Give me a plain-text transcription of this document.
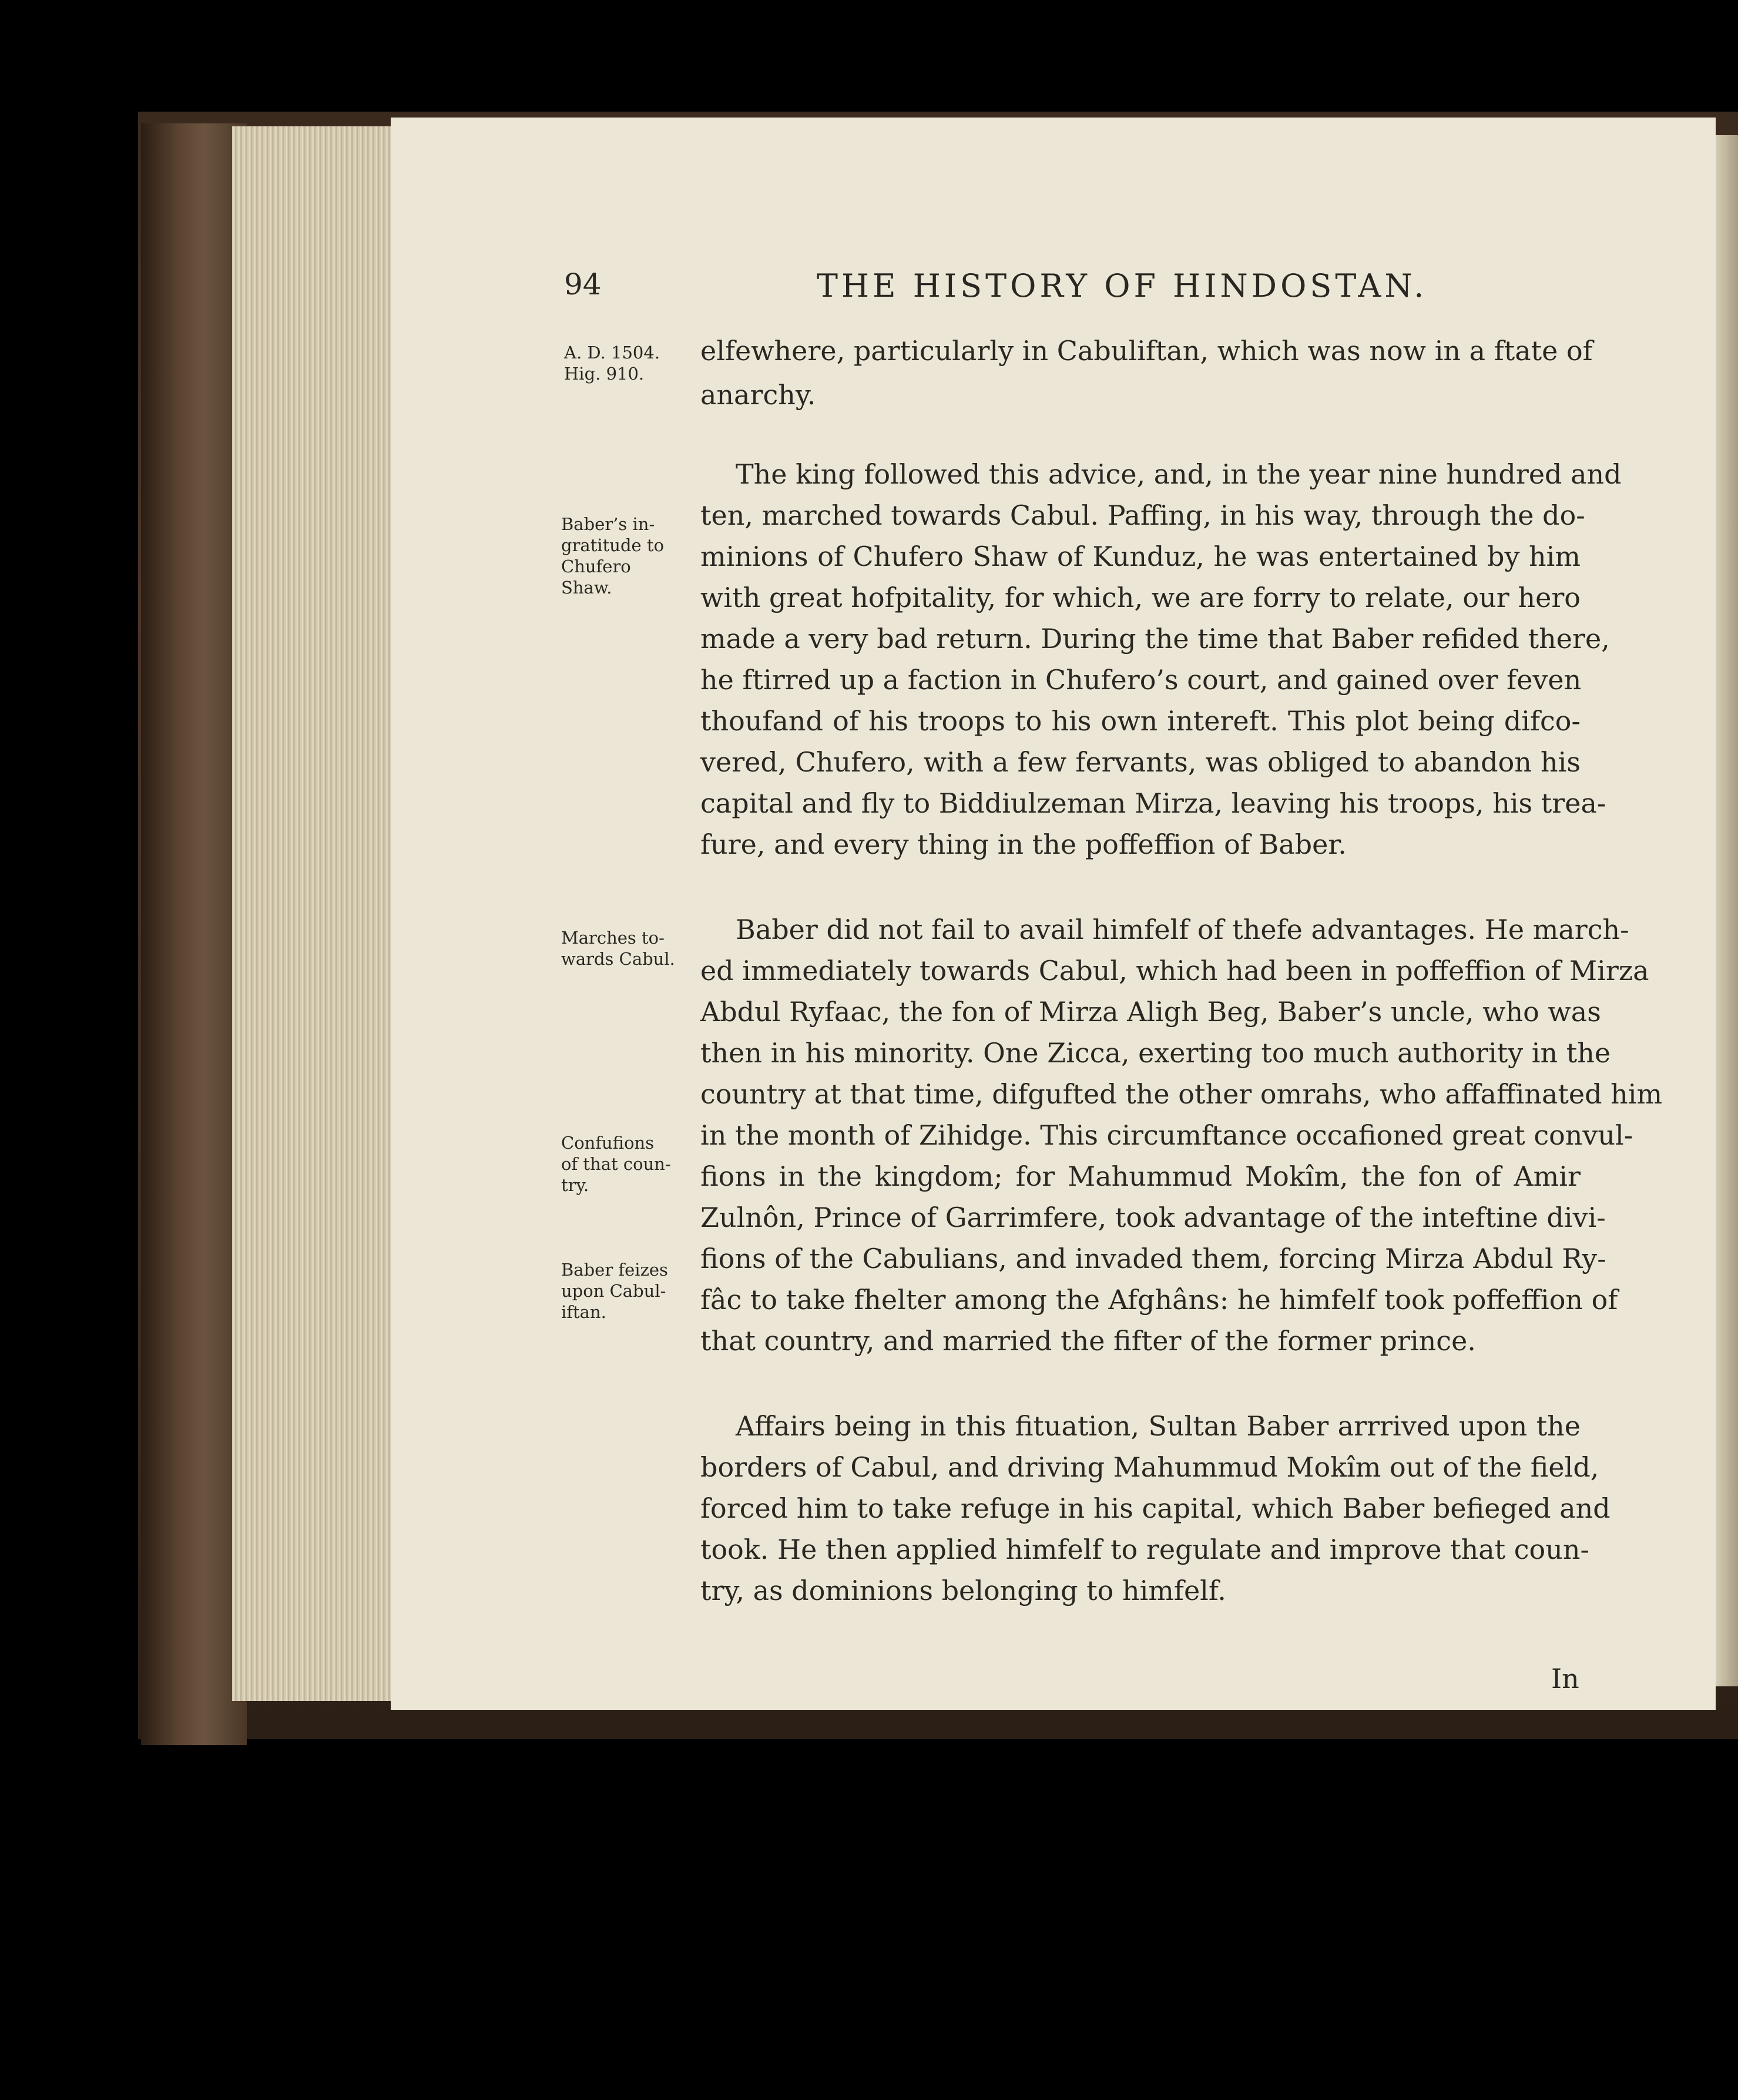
94	THE HISTORY OF HINDOSTAN.
A. D. 1504.
Hig. 910.
Baber’s in-
gratitude to
Chufero
Shaw.
Marches to-
wards Cabul.
Confufions
of that coun-
try.
Baber feizes
upon Cabul-
iftan.
elfewhere, particularly in Cabuliftan, which was now in a ftate of
anarchy.
The king followed this advice, and, in the year nine hundred and
ten, marched towards Cabul. Paffing, in his way, through the do-
minions of Chufero Shaw of Kunduz, he was entertained by him
with great hofpitality, for which, we are forry to relate, our hero
made a very bad return. During the time that Baber refided there,
he ftirred up a faction in Chufero’s court, and gained over feven
thoufand of his troops to his own intereft. This plot being difco-
vered, Chufero, with a few fervants, was obliged to abandon his
capital and fly to Biddiulzeman Mirza, leaving his troops, his trea-
fure, and every thing in the poffeffion of Baber.
Baber did not fail to avail himfelf of thefe advantages. He march-
ed immediately towards Cabul, which had been in poffeffion of Mirza
Abdul Ryfaac, the fon of Mirza Aligh Beg, Baber’s uncle, who was
then in his minority. One Zicca, exerting too much authority in the
country at that time, difgufted the other omrahs, who affaffinated him
in the month of Zihidge. This circumftance occafioned great convul-
fions in the kingdom; for Mahummud Mokîm, the fon of Amir
Zulnôn, Prince of Garrimfere, took advantage of the inteftine divi-
fions of the Cabulians, and invaded them, forcing Mirza Abdul Ry-
fâc to take fhelter among the Afghâns: he himfelf took poffeffion of
that country, and married the fifter of the former prince.
Affairs being in this fituation, Sultan Baber arrrived upon the
borders of Cabul, and driving Mahummud Mokîm out of the field,
forced him to take refuge in his capital, which Baber befieged and
took. He then applied himfelf to regulate and improve that coun-
try, as dominions belonging to himfelf.
In
